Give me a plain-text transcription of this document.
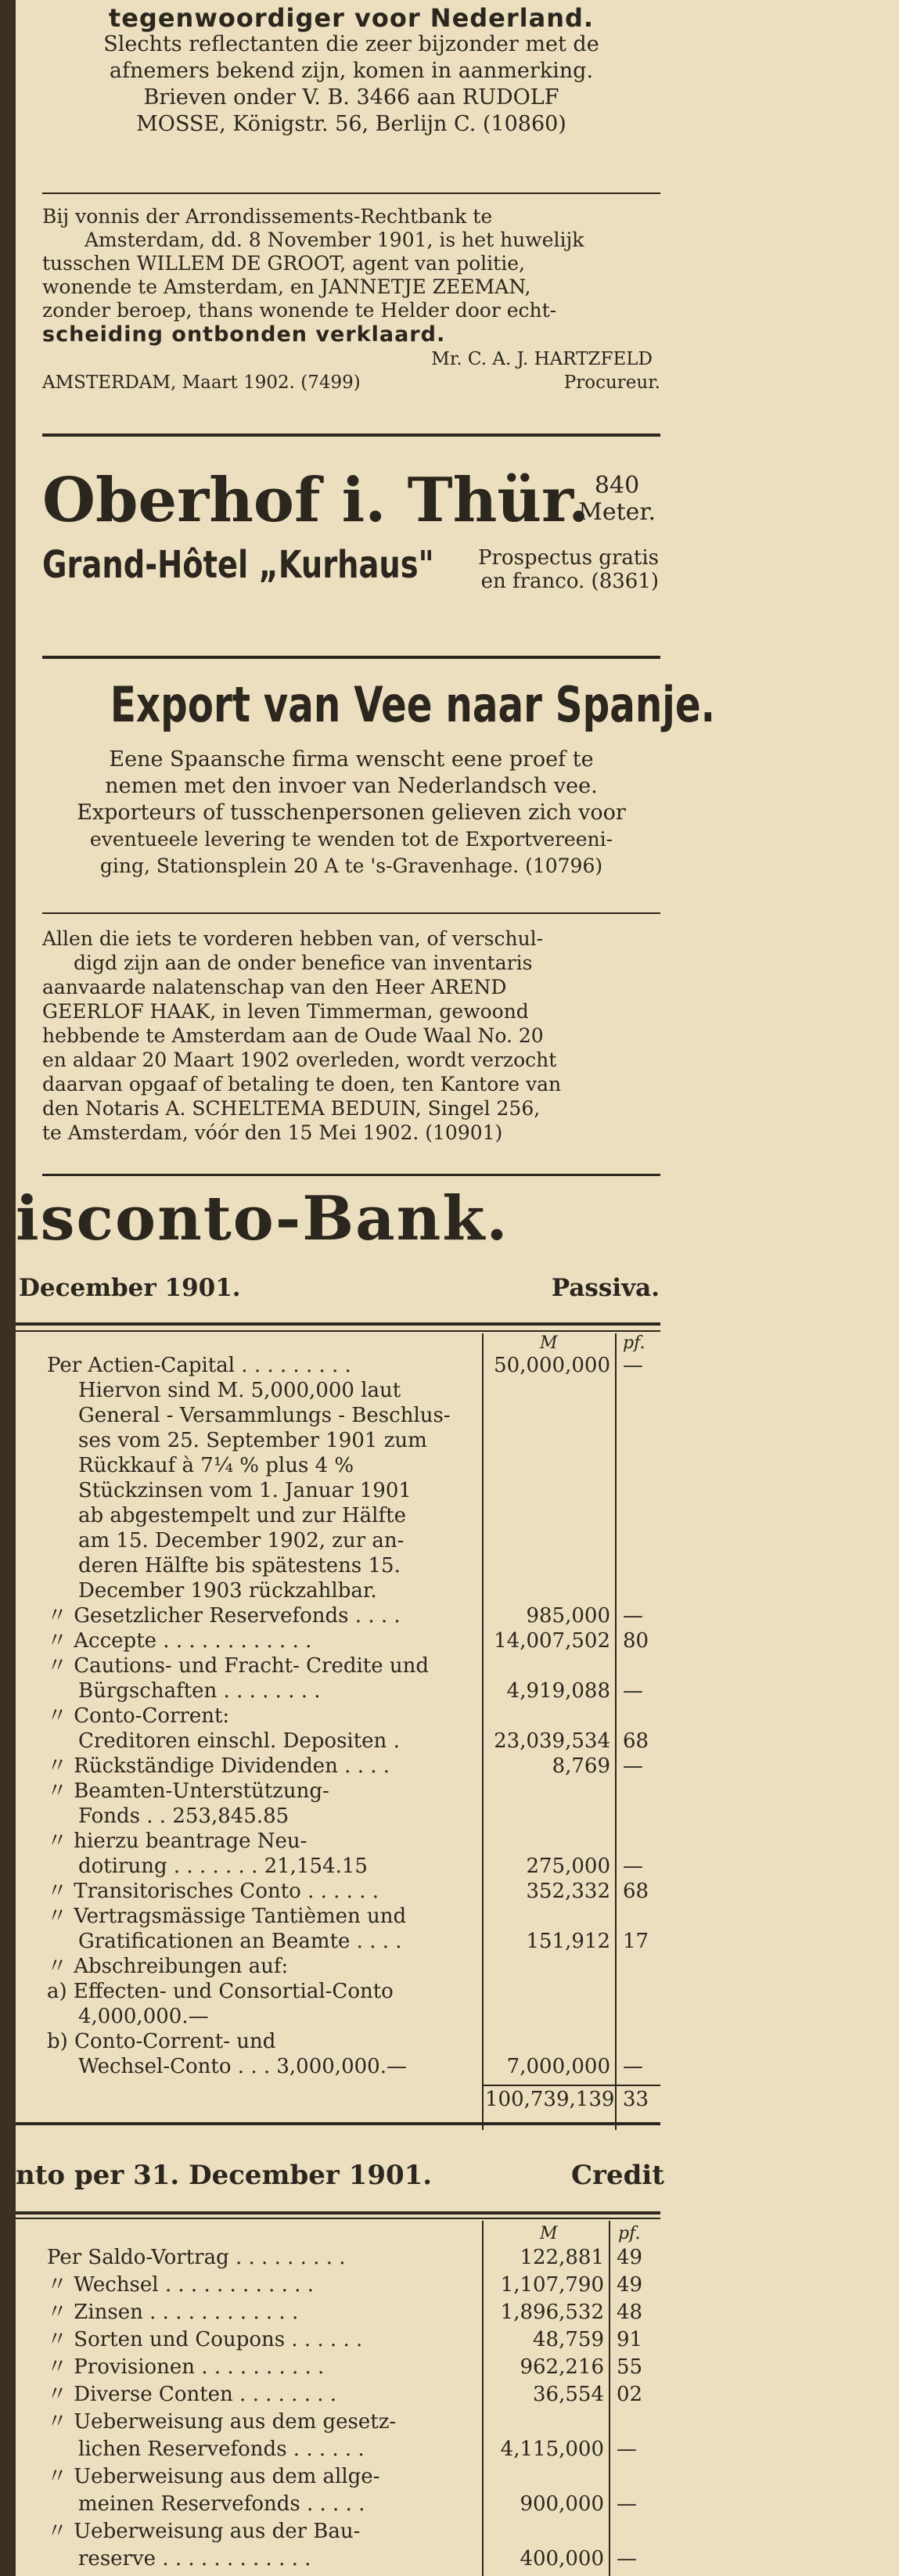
tegenwoordiger voor Nederland.

Slechts reflectanten die zeer bijzonder met de

afnemers bekend zijn, komen in aanmerking.

Brieven onder V. B. 3466 aan RUDOLF

MOSSE, Königstr. 56, Berlijn C. (10860)

Bij vonnis der Arrondissements-Rechtbank te

Amsterdam, dd. 8 November 1901, is het huwelijk

tusschen WILLEM DE GROOT, agent van politie,

wonende te Amsterdam, en JANNETJE ZEEMAN,

zonder beroep, thans wonende te Helder door echt-

scheiding ontbonden verklaard.

Mr. C. A. J. HARTZFELD

AMSTERDAM, Maart 1902. (7499)	Procureur.
Oberhof i. Thür. 840
Meter.
Grand-Hôtel „Kurhaus" Prospectus gratis
en franco. (8361)
Export van Vee naar Spanje.

Eene Spaansche firma wenscht eene proef te

nemen met den invoer van Nederlandsch vee.

Exporteurs of tusschenpersonen gelieven zich voor

eventueele levering te wenden tot de Exportvereeni-

ging, Stationsplein 20 A te 's-Gravenhage. (10796)

Allen die iets te vorderen hebben van, of verschul-

digd zijn aan de onder benefice van inventaris

aanvaarde nalatenschap van den Heer AREND

GEERLOF HAAK, in leven Timmerman, gewoond

hebbende te Amsterdam aan de Oude Waal No. 20

en aldaar 20 Maart 1902 overleden, wordt verzocht

daarvan opgaaf of betaling te doen, ten Kantore van

den Notaris A. SCHELTEMA BEDUIN, Singel 256,

te Amsterdam, vóór den 15 Mei 1902. (10901)

isconto-Bank.
December 1901.	Passiva.
M	pf.
Per Actien-Capital . . . . . . . . .	50,000,000 —
Hiervon sind M. 5,000,000 laut
General - Versammlungs - Beschlus-
ses vom 25. September 1901 zum
Rückkauf à 7¼ % plus 4 %
Stückzinsen vom 1. Januar 1901
ab abgestempelt und zur Hälfte
am 15. December 1902, zur an-
deren Hälfte bis spätestens 15.
December 1903 rückzahlbar.
〃 Gesetzlicher Reservefonds . . . .	985,000 —
〃 Accepte . . . . . . . . . . . .	14,007,502 80
〃 Cautions- und Fracht- Credite und
Bürgschaften . . . . . . . .	4,919,088 —
〃 Conto-Corrent:
Creditoren einschl. Depositen .	23,039,534 68
〃 Rückständige Dividenden . . . .	8,769 —
〃 Beamten-Unterstützung-
Fonds . . 253,845.85
〃 hierzu beantrage Neu-
dotirung . . . . . . . 21,154.15	275,000 —
〃 Transitorisches Conto . . . . . .	352,332 68
〃 Vertragsmässige Tantièmen und
Gratificationen an Beamte . . . .	151,912 17
〃 Abschreibungen auf:
a) Effecten- und Consortial-Conto
4,000,000.—
b) Conto-Corrent- und
Wechsel-Conto . . . 3,000,000.—	7,000,000 —
100,739,139 33
nto per 31. December 1901.	Credit
M	pf.
Per Saldo-Vortrag . . . . . . . . .	122,881 49
〃 Wechsel . . . . . . . . . . . .	1,107,790 49
〃 Zinsen . . . . . . . . . . . .	1,896,532 48
〃 Sorten und Coupons . . . . . .	48,759 91
〃 Provisionen . . . . . . . . . .	962,216 55
〃 Diverse Conten . . . . . . . .	36,554 02
〃 Ueberweisung aus dem gesetz-
lichen Reservefonds . . . . . .	4,115,000 —
〃 Ueberweisung aus dem allge-
meinen Reservefonds . . . . .	900,000 —
〃 Ueberweisung aus der Bau-
reserve . . . . . . . . . . . .	400,000 —
